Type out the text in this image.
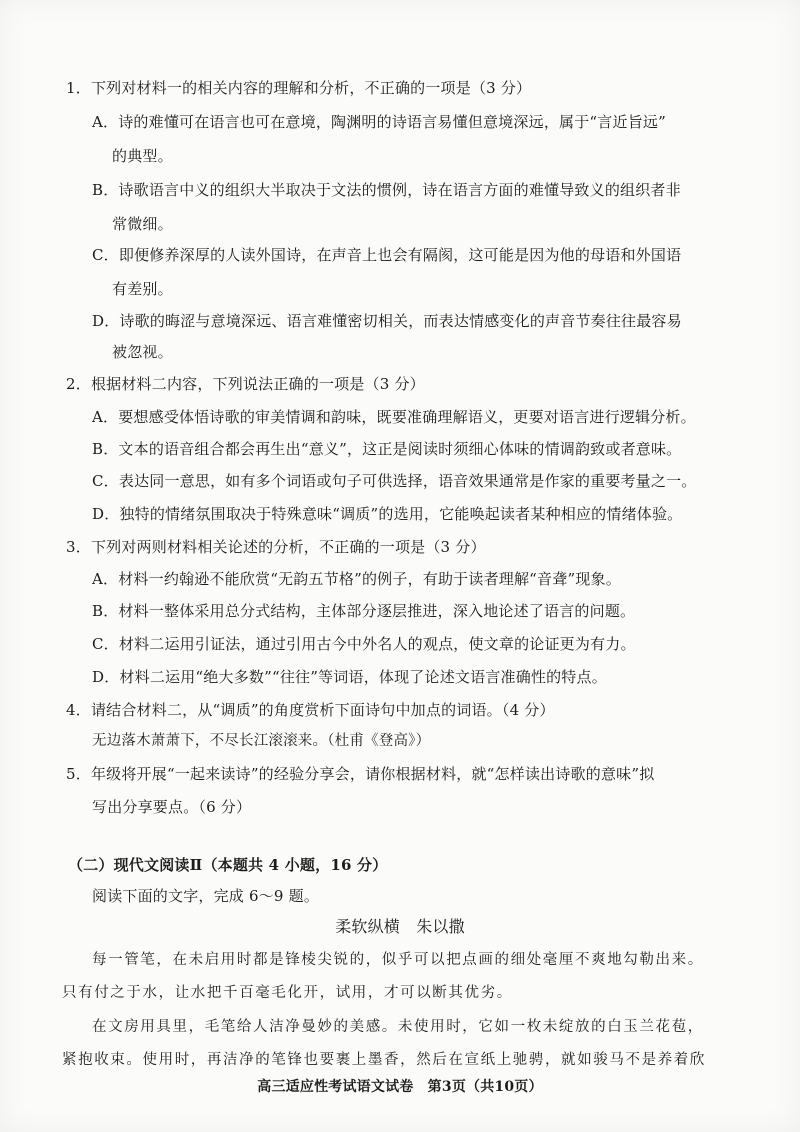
1．下列对材料一的相关内容的理解和分析，不正确的一项是（3 分）
A．诗的难懂可在语言也可在意境，陶渊明的诗语言易懂但意境深远，属于“言近旨远”
的典型。
B．诗歌语言中义的组织大半取决于文法的惯例，诗在语言方面的难懂导致义的组织者非
常微细。
C．即便修养深厚的人读外国诗，在声音上也会有隔阂，这可能是因为他的母语和外国语
有差别。
D．诗歌的晦涩与意境深远、语言难懂密切相关，而表达情感变化的声音节奏往往最容易
被忽视。
2．根据材料二内容，下列说法正确的一项是（3 分）
A．要想感受体悟诗歌的审美情调和韵味，既要准确理解语义，更要对语言进行逻辑分析。
B．文本的语音组合都会再生出“意义”，这正是阅读时须细心体味的情调韵致或者意味。
C．表达同一意思，如有多个词语或句子可供选择，语音效果通常是作家的重要考量之一。
D．独特的情绪氛围取决于特殊意味“调质”的选用，它能唤起读者某种相应的情绪体验。
3．下列对两则材料相关论述的分析，不正确的一项是（3 分）
A．材料一约翰逊不能欣赏“无韵五节格”的例子，有助于读者理解“音聋”现象。
B．材料一整体采用总分式结构，主体部分逐层推进，深入地论述了语言的问题。
C．材料二运用引证法，通过引用古今中外名人的观点，使文章的论证更为有力。
D．材料二运用“绝大多数”“往往”等词语，体现了论述文语言准确性的特点。
4．请结合材料二，从“调质”的角度赏析下面诗句中加点的词语。（4 分）
无边落木萧萧下，不尽长江滚滚来。（杜甫《登高》）
5．年级将开展“一起来读诗”的经验分享会，请你根据材料，就“怎样读出诗歌的意味”拟
写出分享要点。（6 分）
（二）现代文阅读Ⅱ（本题共 4 小题，16 分）
阅读下面的文字，完成 6～9 题。
柔软纵横　朱以撒
每一管笔，在未启用时都是锋棱尖锐的，似乎可以把点画的细处毫厘不爽地勾勒出来。
只有付之于水，让水把千百毫毛化开，试用，才可以断其优劣。
在文房用具里，毛笔给人洁净曼妙的美感。未使用时，它如一枚未绽放的白玉兰花苞，
紧抱收束。使用时，再洁净的笔锋也要裹上墨香，然后在宣纸上驰骋，就如骏马不是养着欣
高三适应性考试语文试卷　第3页（共10页）
